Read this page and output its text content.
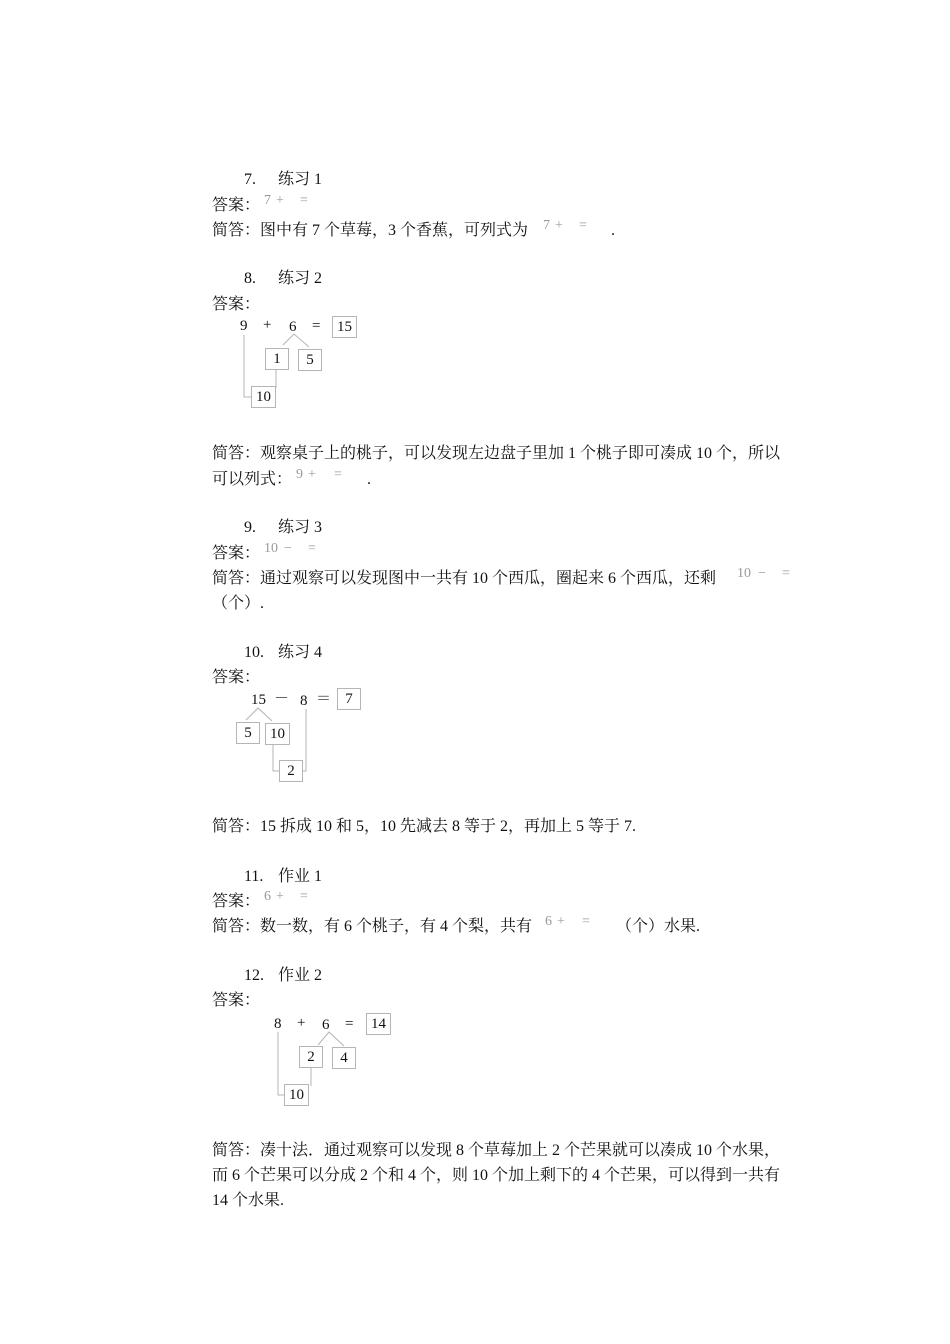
7. 练习 1
答案： 7 + =
简答： 图中有 7 个草莓，3 个香蕉，可列式为 7 + = .
8. 练习 2
答案：
9 + 6 =	15
1	5
10
简答： 观察桌子上的桃子，可以发现左边盘子里加 1 个桃子即可凑成 10 个，所以
可以列式： 9 + = .
9. 练习 3
答案： 10 − =
简答： 通过观察可以发现图中一共有 10 个西瓜，圈起来 6 个西瓜，还剩 10 − =
（个）.
10. 练习 4
答案：
15 － 8 ＝ 7
5	10
2
简答： 15 拆成 10 和 5，10 先减去 8 等于 2，再加上 5 等于 7.
11. 作业 1
答案： 6 + =
简答： 数一数，有 6 个桃子，有 4 个梨，共有 6 + = （个）水果.
12. 作业 2
答案：
8 + 6 =	14
2	4
10
简答： 凑十法．通过观察可以发现 8 个草莓加上 2 个芒果就可以凑成 10 个水果，
而 6 个芒果可以分成 2 个和 4 个，则 10 个加上剩下的 4 个芒果，可以得到一共有
14 个水果.
